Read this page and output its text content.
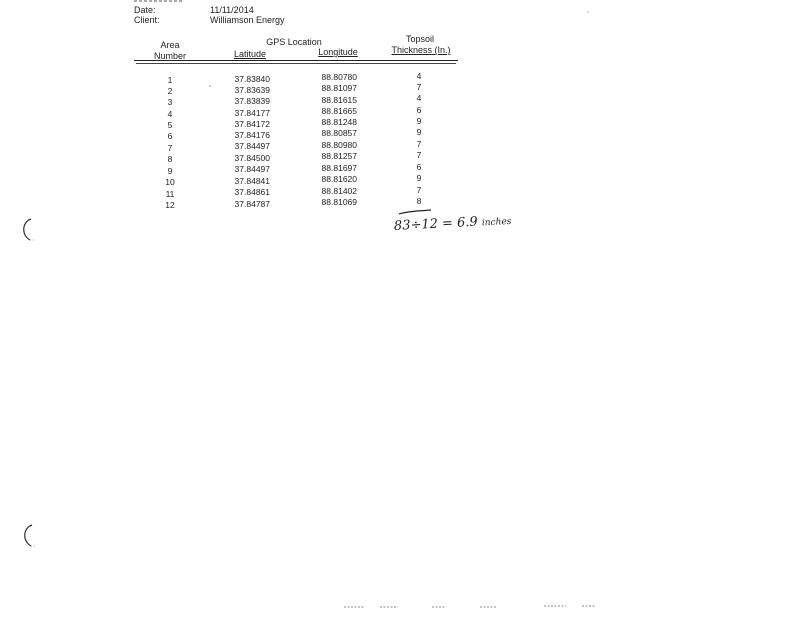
Date:	11/11/2014
Client:	Williamson Energy
Area
Number
GPS Location
Latitude	Longitude
Topsoil
Thickness (In.)
1	37.83840	88.80780	4
2	37.83639	88.81097	7
3	37.83839	88.81615	4
4	37.84177	88.81665	6
5	37.84172	88.81248	9
6	37.84176	88.80857	9
7	37.84497	88.80980	7
8	37.84500	88.81257	7
9	37.84497	88.81697	6
10	37.84841	88.81620	9
11	37.84861	88.81402	7
12	37.84787	88.81069	8
83÷12 = 6.9 inches
